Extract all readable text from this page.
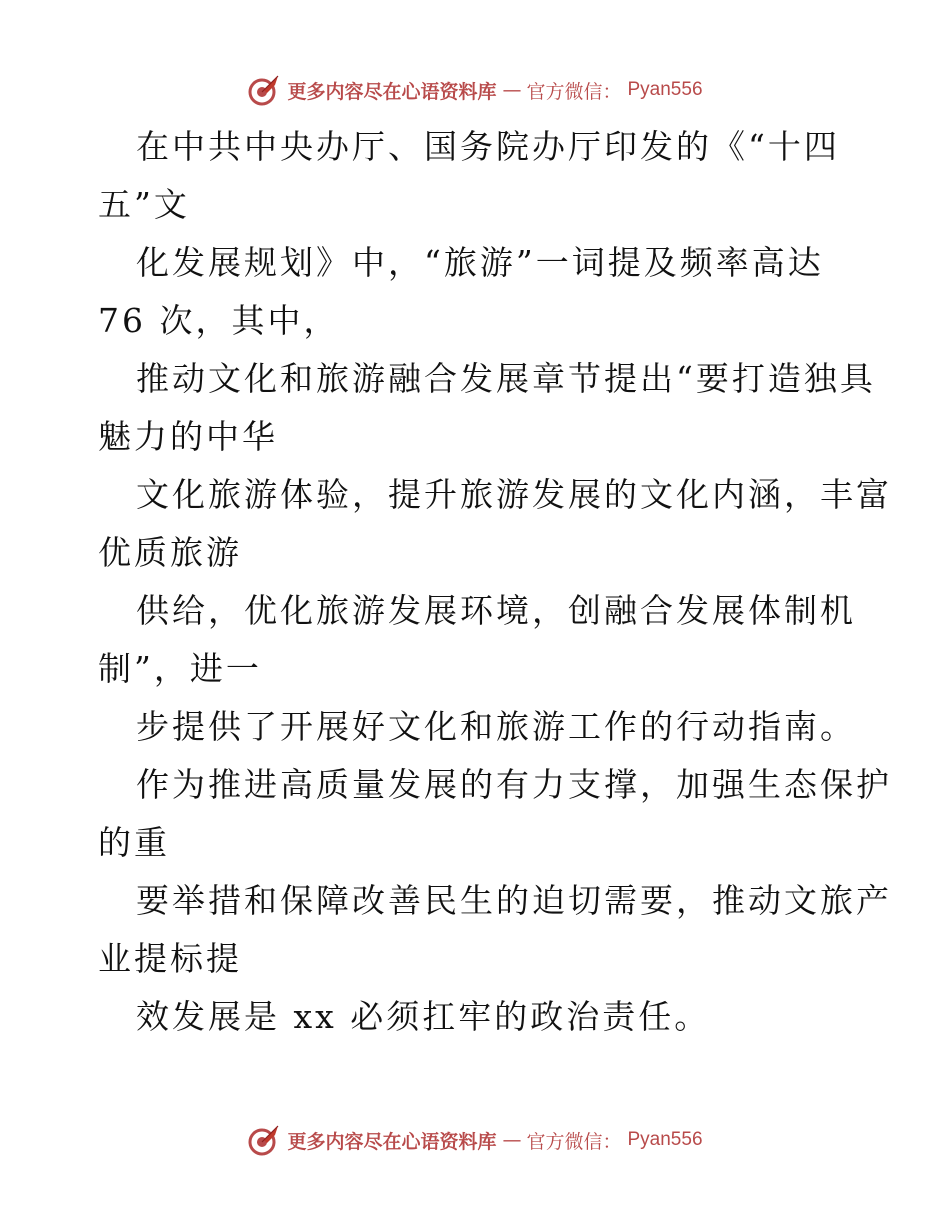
更多内容尽在心语资料库 — 官方微信： Pyan556
在中共中央办厅、国务院办厅印发的《“十四
五”文
化发展规划》中，“旅游”一词提及频率高达
76 次，其中，
推动文化和旅游融合发展章节提出“要打造独具
魅力的中华
文化旅游体验，提升旅游发展的文化内涵，丰富
优质旅游
供给，优化旅游发展环境，创融合发展体制机
制”，进一
步提供了开展好文化和旅游工作的行动指南。
作为推进高质量发展的有力支撑，加强生态保护
的重
要举措和保障改善民生的迫切需要，推动文旅产
业提标提
效发展是 xx 必须扛牢的政治责任。
更多内容尽在心语资料库 — 官方微信： Pyan556
